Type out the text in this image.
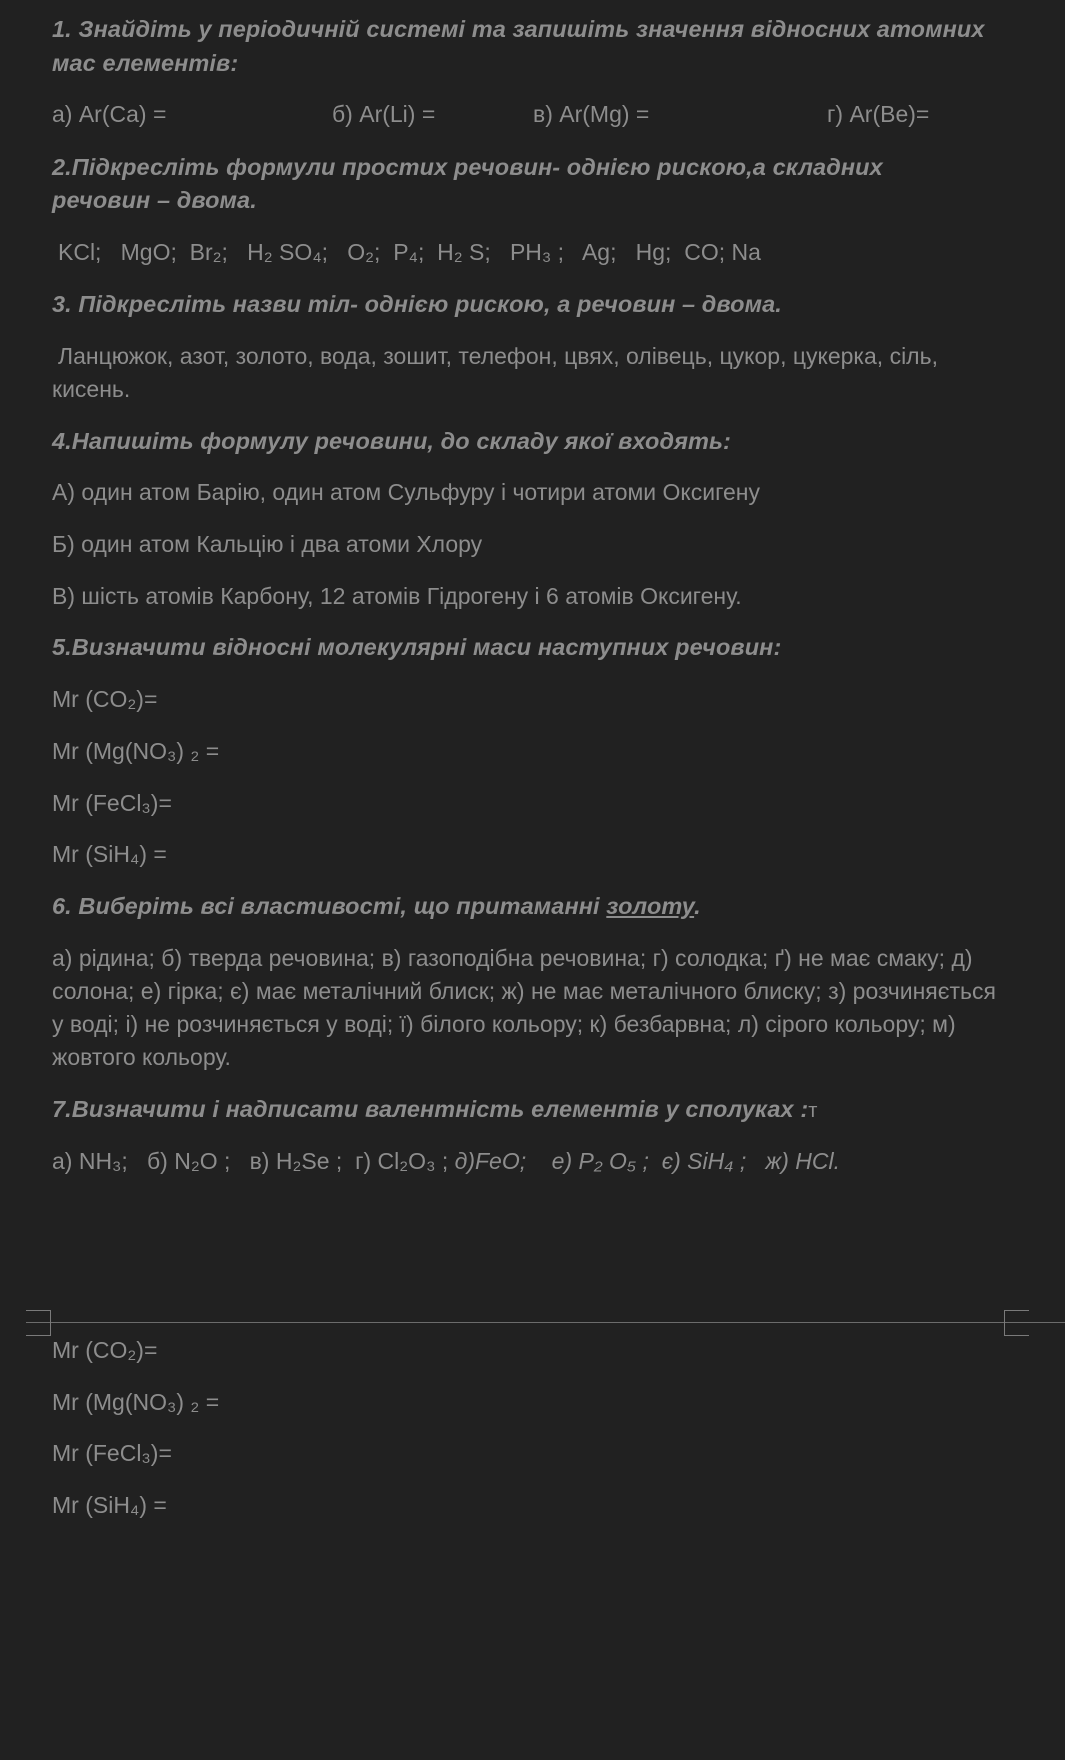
1. Знайдіть у періодичній системі та запишіть значення відносних атомних
мас елементів:
а) Ar(Ca) =	б) Ar(Li) =	в) Ar(Mg) =	г) Ar(Be)=
2.Підкресліть формули простих речовин- однією рискою,а складних
речовин – двома.
KCl;   MgO;  Br₂;   H₂ SO₄;   O₂;  P₄;  H₂ S;   PH₃ ;   Ag;   Hg;  CO; Na
3. Підкресліть назви тіл- однією рискою, а речовин – двома.
Ланцюжок, азот, золото, вода, зошит, телефон, цвях, олівець, цукор, цукерка, сіль, кисень.
4.Напишіть формулу речовини, до складу якої входять:
А) один атом Барію, один атом Сульфуру і чотири атоми Оксигену
Б) один атом Кальцію і два атоми Хлору
В) шість атомів Карбону, 12 атомів Гідрогену і 6 атомів Оксигену.
5.Визначити відносні молекулярні маси наступних речовин:
Mr (CO₂)=
Mr (Mg(NO₃) ₂ =
Mr (FeCl₃)=
Mr (SiH₄) =
6. Виберіть всі властивості, що притаманні золоту.
а) рідина; б) тверда речовина; в) газоподібна речовина; г) солодка; ґ) не має смаку; д) солона; е) гірка; є) має металічний блиск; ж) не має металічного блиску; з) розчиняється у воді; і) не розчиняється у воді; ї) білого кольору; к) безбарвна; л) сірого кольору; м) жовтого кольору.
7.Визначити і надписати валентність елементів у сполуках :т
а) NH₃;   б) N₂O ;   в) H₂Se ;  г) Cl₂O₃ ; д)FeO;    е) P₂ O₅ ;  є) SiH₄ ;   ж) HCl.
Mr (CO₂)=
Mr (Mg(NO₃) ₂ =
Mr (FeCl₃)=
Mr (SiH₄) =
